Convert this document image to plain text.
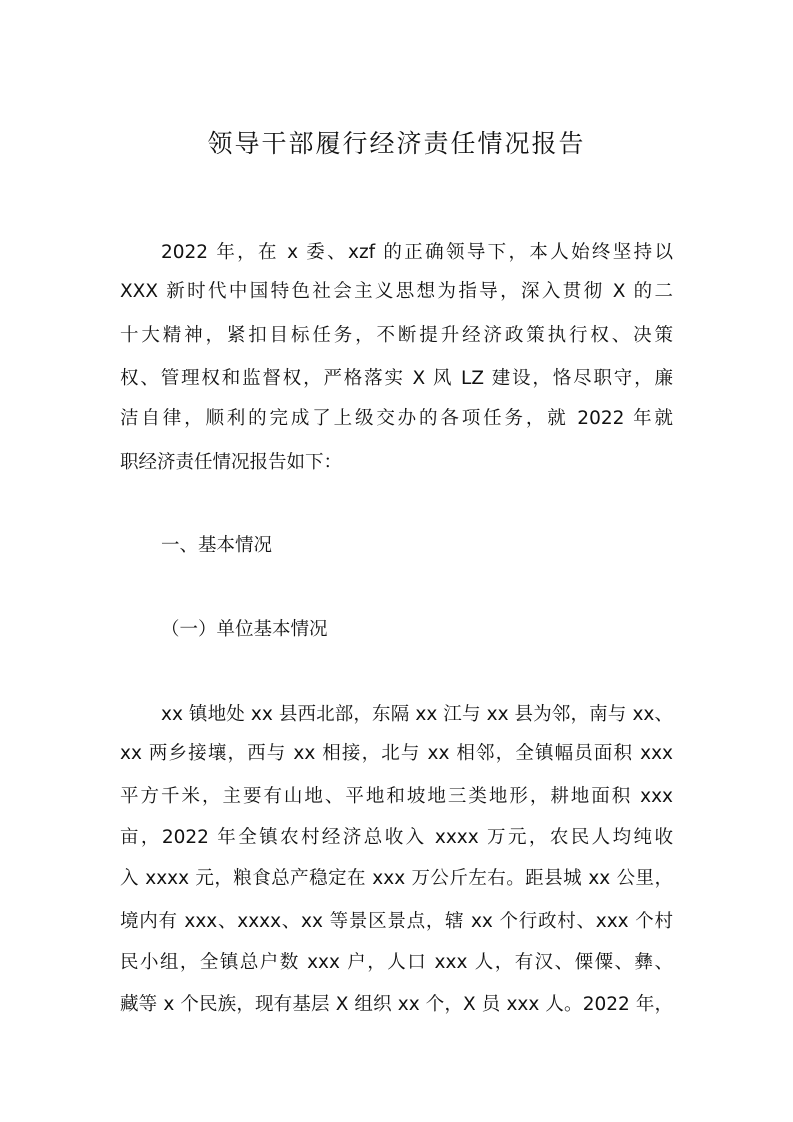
领导干部履行经济责任情况报告
2022 年，在 x 委、xzf 的正确领导下，本人始终坚持以
XXX 新时代中国特色社会主义思想为指导，深入贯彻 X 的二
十大精神，紧扣目标任务，不断提升经济政策执行权、决策
权、管理权和监督权，严格落实 X 风 LZ 建设，恪尽职守，廉
洁自律，顺利的完成了上级交办的各项任务，就 2022 年就
职经济责任情况报告如下：
一、基本情况
（一）单位基本情况
xx 镇地处 xx 县西北部，东隔 xx 江与 xx 县为邻，南与 xx、
xx 两乡接壤，西与 xx 相接，北与 xx 相邻，全镇幅员面积 xxx
平方千米，主要有山地、平地和坡地三类地形，耕地面积 xxx
亩，2022 年全镇农村经济总收入 xxxx 万元，农民人均纯收
入 xxxx 元，粮食总产稳定在 xxx 万公斤左右。距县城 xx 公里，
境内有 xxx、xxxx、xx 等景区景点，辖 xx 个行政村、xxx 个村
民小组，全镇总户数 xxx 户，人口 xxx 人，有汉、傈僳、彝、
藏等 x 个民族，现有基层 X 组织 xx 个，X 员 xxx 人。2022 年，
